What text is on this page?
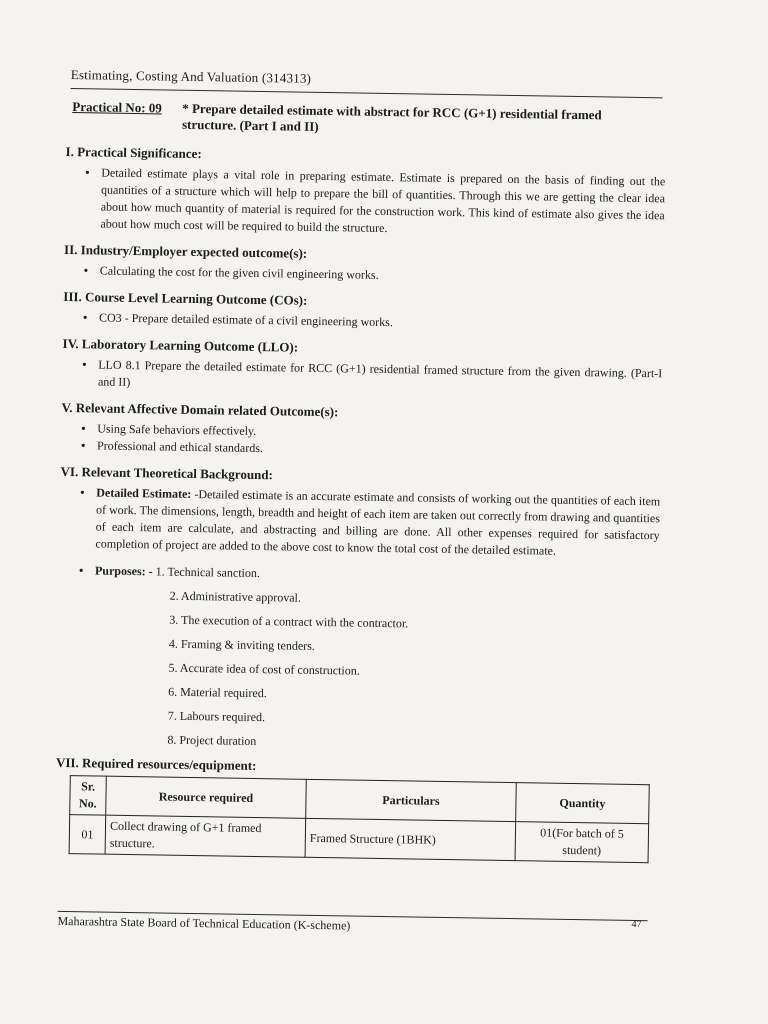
Estimating, Costing And Valuation (314313)
Practical No: 09 * Prepare detailed estimate with abstract for RCC (G+1) residential framed structure. (Part I and II)
I. Practical Significance:
• Detailed estimate plays a vital role in preparing estimate. Estimate is prepared on the basis of finding out the quantities of a structure which will help to prepare the bill of quantities. Through this we are getting the clear idea about how much quantity of material is required for the construction work. This kind of estimate also gives the idea about how much cost will be required to build the structure.
II. Industry/Employer expected outcome(s):
• Calculating the cost for the given civil engineering works.
III. Course Level Learning Outcome (COs):
• CO3 - Prepare detailed estimate of a civil engineering works.
IV. Laboratory Learning Outcome (LLO):
• LLO 8.1 Prepare the detailed estimate for RCC (G+1) residential framed structure from the given drawing. (Part-I and II)
V. Relevant Affective Domain related Outcome(s):
• Using Safe behaviors effectively.
• Professional and ethical standards.
VI. Relevant Theoretical Background:
• Detailed Estimate: -Detailed estimate is an accurate estimate and consists of working out the quantities of each item of work. The dimensions, length, breadth and height of each item are taken out correctly from drawing and quantities of each item are calculate, and abstracting and billing are done. All other expenses required for satisfactory completion of project are added to the above cost to know the total cost of the detailed estimate.
• Purposes: - 1. Technical sanction.
2. Administrative approval.
3. The execution of a contract with the contractor.
4. Framing & inviting tenders.
5. Accurate idea of cost of construction.
6. Material required.
7. Labours required.
8. Project duration
VII. Required resources/equipment:
Sr. No.	Resource required	Particulars	Quantity
01	Collect drawing of G+1 framed structure.	Framed Structure (1BHK)	01(For batch of 5 student)
Maharashtra State Board of Technical Education (K-scheme)	47
